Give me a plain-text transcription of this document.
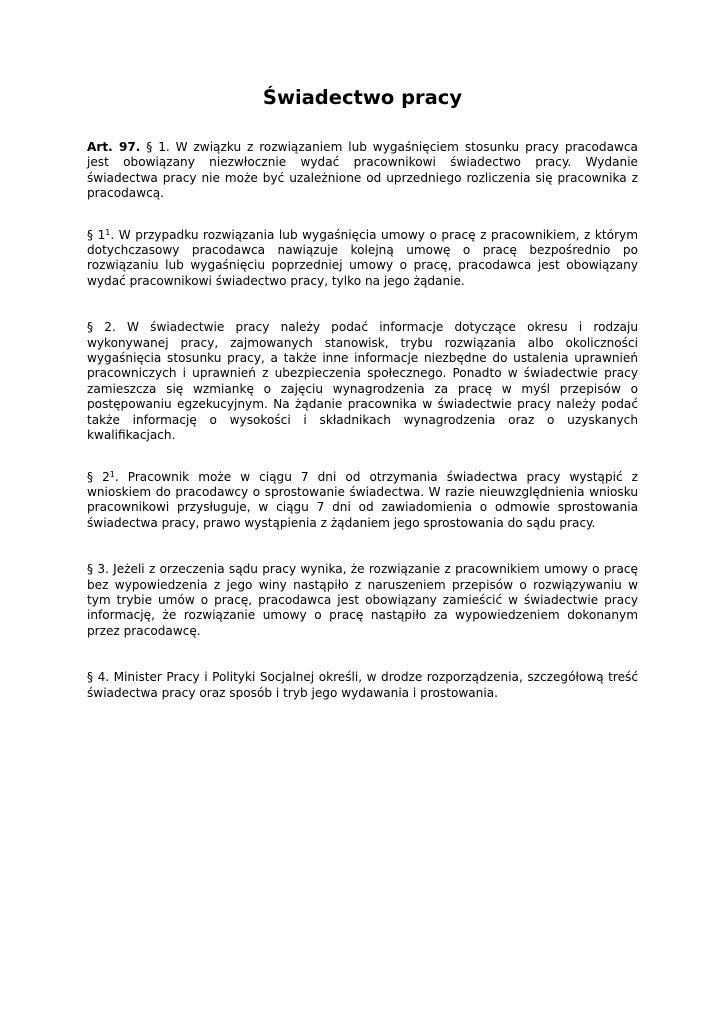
Świadectwo pracy

Art. 97. § 1. W związku z rozwiązaniem lub wygaśnięciem stosunku pracy pracodawca jest obowiązany niezwłocznie wydać pracownikowi świadectwo pracy. Wydanie świadectwa pracy nie może być uzależnione od uprzedniego rozliczenia się pracownika z pracodawcą.

§ $1^1$. W przypadku rozwiązania lub wygaśnięcia umowy o pracę z pracownikiem, z którym dotychczasowy pracodawca nawiązuje kolejną umowę o pracę bezpośrednio po rozwiązaniu lub wygaśnięciu poprzedniej umowy o pracę, pracodawca jest obowiązany wydać pracownikowi świadectwo pracy, tylko na jego żądanie.

§ 2. W świadectwie pracy należy podać informacje dotyczące okresu i rodzaju wykonywanej pracy, zajmowanych stanowisk, trybu rozwiązania albo okoliczności wygaśnięcia stosunku pracy, a także inne informacje niezbędne do ustalenia uprawnień pracowniczych i uprawnień z ubezpieczenia społecznego. Ponadto w świadectwie pracy zamieszcza się wzmiankę o zajęciu wynagrodzenia za pracę w myśl przepisów o postępowaniu egzekucyjnym. Na żądanie pracownika w świadectwie pracy należy podać także informację o wysokości i składnikach wynagrodzenia oraz o uzyskanych kwalifikacjach.

§ $2^1$. Pracownik może w ciągu 7 dni od otrzymania świadectwa pracy wystąpić z wnioskiem do pracodawcy o sprostowanie świadectwa. W razie nieuwzględnienia wniosku pracownikowi przysługuje, w ciągu 7 dni od zawiadomienia o odmowie sprostowania świadectwa pracy, prawo wystąpienia z żądaniem jego sprostowania do sądu pracy.

§ 3. Jeżeli z orzeczenia sądu pracy wynika, że rozwiązanie z pracownikiem umowy o pracę bez wypowiedzenia z jego winy nastąpiło z naruszeniem przepisów o rozwiązywaniu w tym trybie umów o pracę, pracodawca jest obowiązany zamieścić w świadectwie pracy informację, że rozwiązanie umowy o pracę nastąpiło za wypowiedzeniem dokonanym przez pracodawcę.

§ 4. Minister Pracy i Polityki Socjalnej określi, w drodze rozporządzenia, szczegółową treść świadectwa pracy oraz sposób i tryb jego wydawania i prostowania.
